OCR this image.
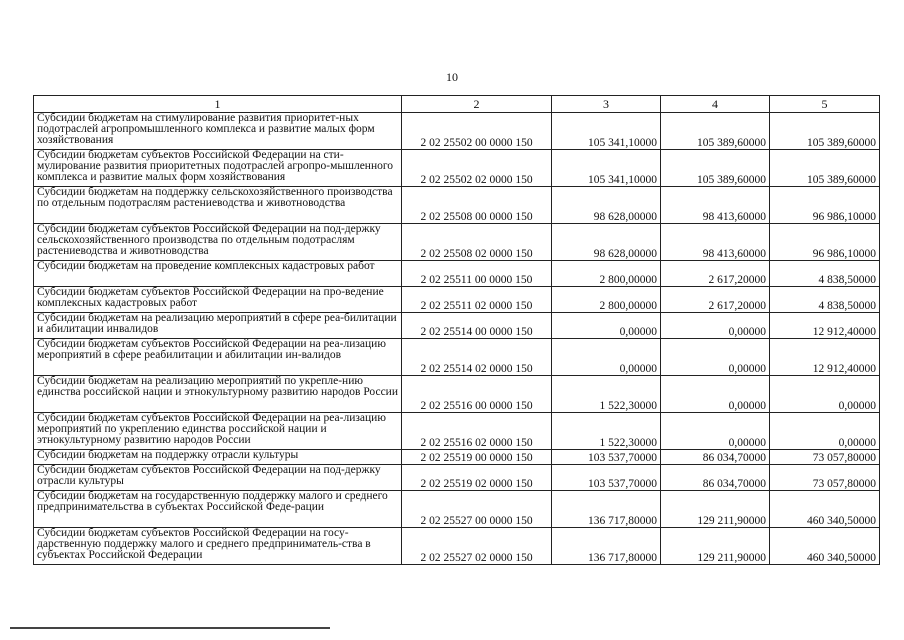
10
1	2	3	4	5
Субсидии бюджетам на стимулирование развития приоритет-ных подотраслей агропромышленного комплекса и развитие малых форм хозяйствования	2 02 25502 00 0000 150	105 341,10000	105 389,60000	105 389,60000
Субсидии бюджетам субъектов Российской Федерации на сти-мулирование развития приоритетных подотраслей агропро-мышленного комплекса и развитие малых форм хозяйствования	2 02 25502 02 0000 150	105 341,10000	105 389,60000	105 389,60000
Субсидии бюджетам на поддержку сельскохозяйственного производства по отдельным подотраслям растениеводства и животноводства	2 02 25508 00 0000 150	98 628,00000	98 413,60000	96 986,10000
Субсидии бюджетам субъектов Российской Федерации на под-держку сельскохозяйственного производства по отдельным подотраслям растениеводства и животноводства	2 02 25508 02 0000 150	98 628,00000	98 413,60000	96 986,10000
Субсидии бюджетам на проведение комплексных кадастровых работ	2 02 25511 00 0000 150	2 800,00000	2 617,20000	4 838,50000
Субсидии бюджетам субъектов Российской Федерации на про-ведение комплексных кадастровых работ	2 02 25511 02 0000 150	2 800,00000	2 617,20000	4 838,50000
Субсидии бюджетам на реализацию мероприятий в сфере реа-билитации и абилитации инвалидов	2 02 25514 00 0000 150	0,00000	0,00000	12 912,40000
Субсидии бюджетам субъектов Российской Федерации на реа-лизацию мероприятий в сфере реабилитации и абилитации ин-валидов	2 02 25514 02 0000 150	0,00000	0,00000	12 912,40000
Субсидии бюджетам на реализацию мероприятий по укрепле-нию единства российской нации и этнокультурному развитию народов России	2 02 25516 00 0000 150	1 522,30000	0,00000	0,00000
Субсидии бюджетам субъектов Российской Федерации на реа-лизацию мероприятий по укреплению единства российской нации и этнокультурному развитию народов России	2 02 25516 02 0000 150	1 522,30000	0,00000	0,00000
Субсидии бюджетам на поддержку отрасли культуры	2 02 25519 00 0000 150	103 537,70000	86 034,70000	73 057,80000
Субсидии бюджетам субъектов Российской Федерации на под-держку отрасли культуры	2 02 25519 02 0000 150	103 537,70000	86 034,70000	73 057,80000
Субсидии бюджетам на государственную поддержку малого и среднего предпринимательства в субъектах Российской Феде-рации	2 02 25527 00 0000 150	136 717,80000	129 211,90000	460 340,50000
Субсидии бюджетам субъектов Российской Федерации на госу-дарственную поддержку малого и среднего предприниматель-ства в субъектах Российской Федерации	2 02 25527 02 0000 150	136 717,80000	129 211,90000	460 340,50000
